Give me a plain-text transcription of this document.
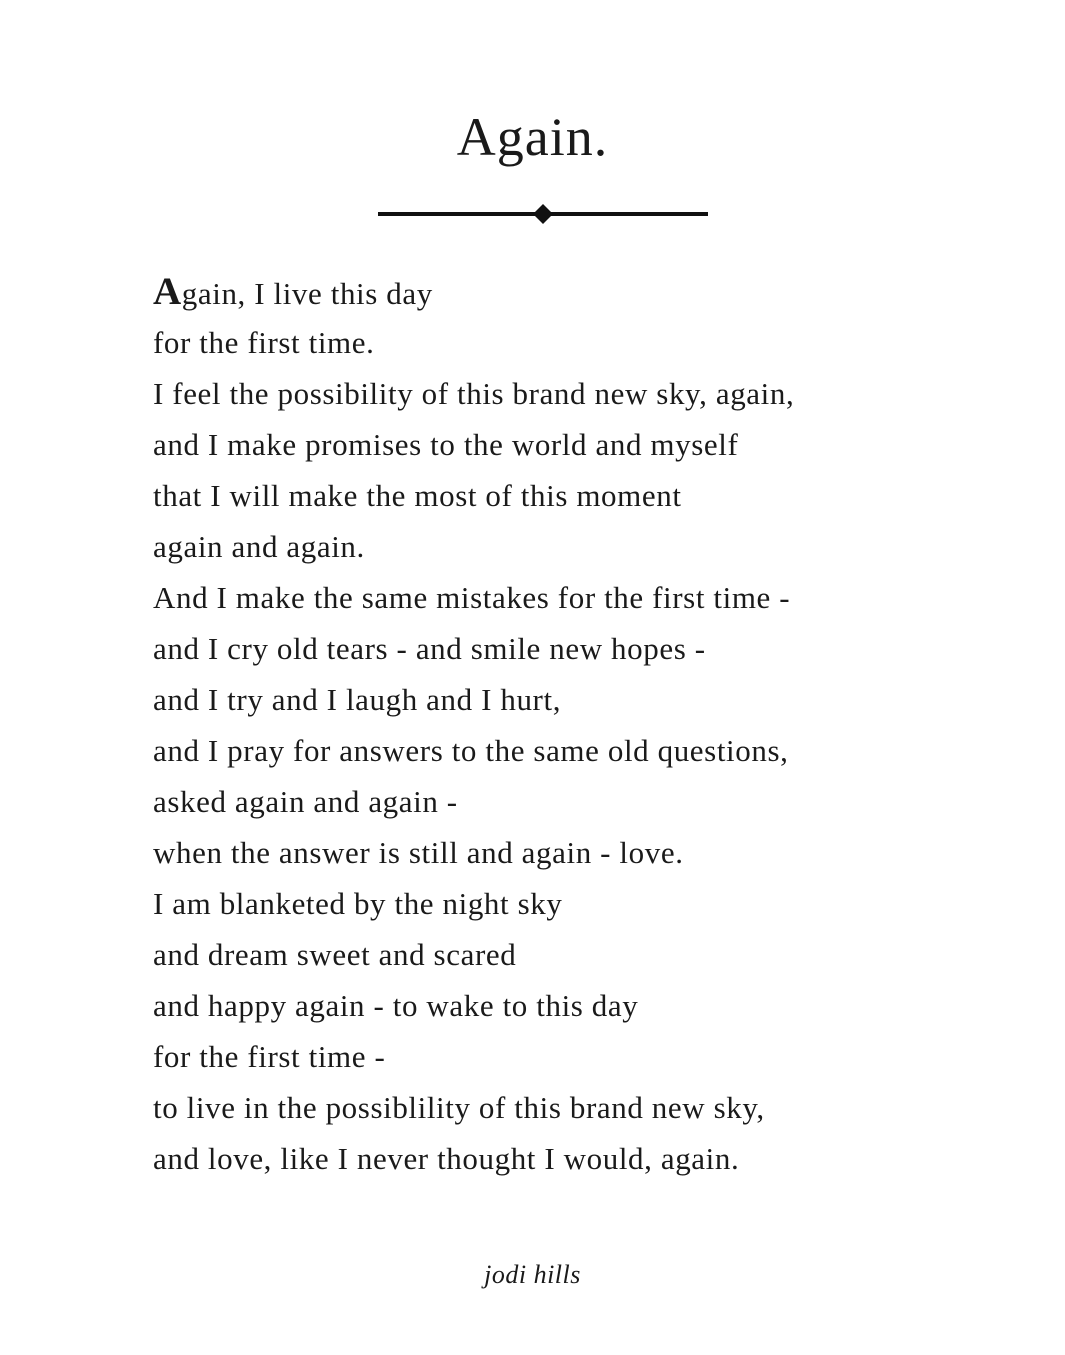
Again.
Again, I live this day
for the first time.
I feel the possibility of this brand new sky, again,
and I make promises to the world and myself
that I will make the most of this moment
again and again.
And I make the same mistakes for the first time -
and I cry old tears - and smile new hopes -
and I try and I laugh and I hurt,
and I pray for answers to the same old questions,
asked again and again -
when the answer is still and again - love.
I am blanketed by the night sky
and dream sweet and scared
and happy again - to wake to this day
for the first time -
to live in the possiblility of this brand new sky,
and love, like I never thought I would, again.
jodi hills
